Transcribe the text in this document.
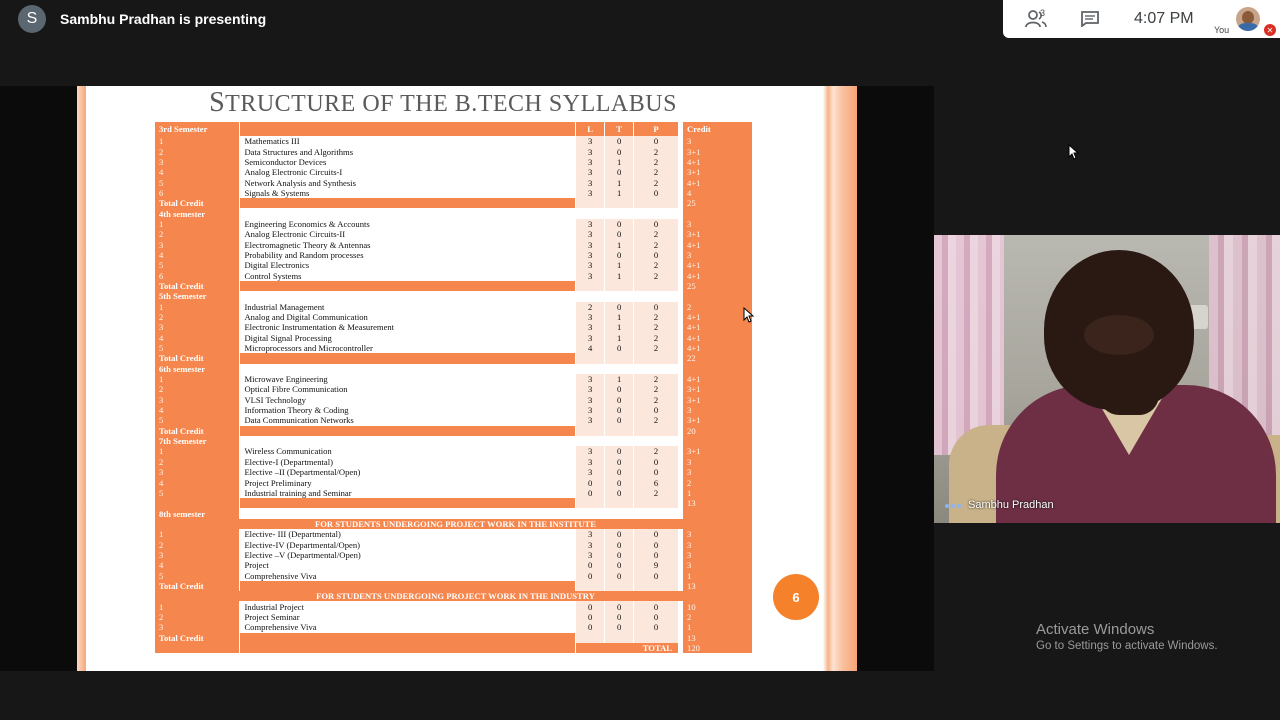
S	Sambhu Pradhan is presenting	3	4:07 PM
You	✕
STRUCTURE OF THE B.TECH SYLLABUS
3rd Semester		L	T	P		Credit
1	Mathematics III	3	0	0		3
2	Data Structures and Algorithms	3	0	2		3+1
3	Semiconductor Devices	3	1	2		4+1
4	Analog Electronic Circuits-I	3	0	2		3+1
5	Network Analysis and Synthesis	3	1	2		4+1
6	Signals & Systems	3	1	0		4
Total Credit						25
4th semester						
1	Engineering Economics & Accounts	3	0	0		3
2	Analog Electronic Circuits-II	3	0	2		3+1
3	Electromagnetic Theory & Antennas	3	1	2		4+1
4	Probability and Random processes	3	0	0		3
5	Digital Electronics	3	1	2		4+1
6	Control Systems	3	1	2		4+1
Total Credit						25
5th Semester						
1	Industrial Management	2	0	0		2
2	Analog and Digital Communication	3	1	2		4+1
3	Electronic Instrumentation & Measurement	3	1	2		4+1
4	Digital Signal Processing	3	1	2		4+1
5	Microprocessors and Microcontroller	4	0	2		4+1
Total Credit						22
6th semester						
1	Microwave Engineering	3	1	2		4+1
2	Optical Fibre Communication	3	0	2		3+1
3	VLSI Technology	3	0	2		3+1
4	Information Theory & Coding	3	0	0		3
5	Data Communication Networks	3	0	2		3+1
Total Credit						20
7th Semester						
1	Wireless Communication	3	0	2		3+1
2	Elective-I (Departmental)	3	0	0		3
3	Elective –II (Departmental/Open)	3	0	0		3
4	Project Preliminary	0	0	6		2
5	Industrial training and Seminar	0	0	2		1
						13
8th semester						
FOR STUDENTS UNDERGOING PROJECT WORK IN THE INSTITUTE						
1	Elective- III (Departmental)	3	0	0		3
2	Elective-IV (Departmental/Open)	3	0	0		3
3	Elective –V (Departmental/Open)	3	0	0		3
4	Project	0	0	9		3
5	Comprehensive Viva	0	0	0		1
Total Credit						13
FOR STUDENTS UNDERGOING PROJECT WORK IN THE INDUSTRY						
1	Industrial Project	0	0	0		10
2	Project Seminar	0	0	0		2
3	Comprehensive Viva	0	0	0		1
Total Credit						13
		TOTAL				120
6
Sambhu Pradhan
Activate Windows
Go to Settings to activate Windows.
